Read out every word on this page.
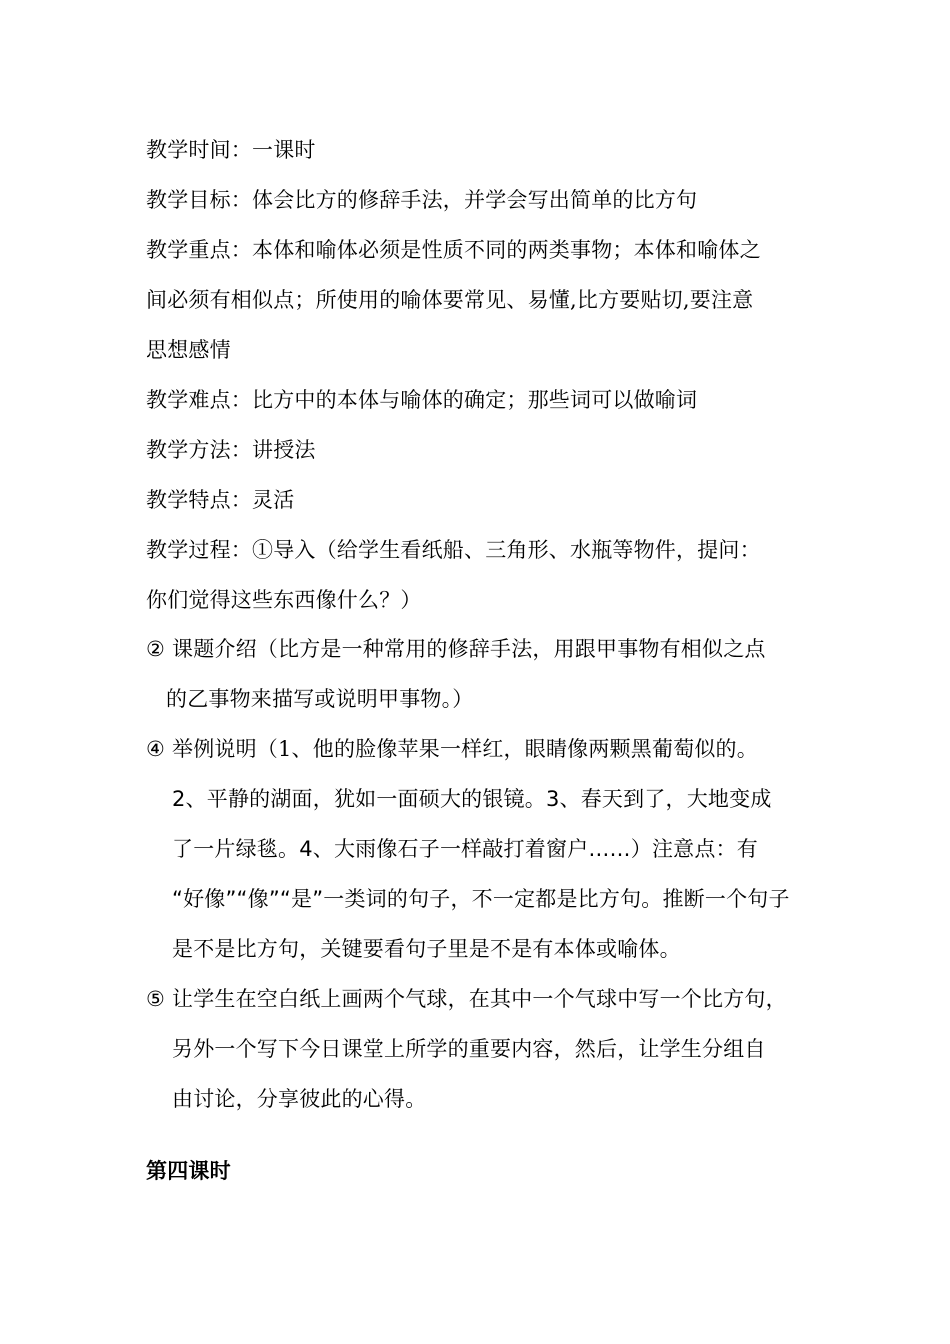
教学时间：一课时
教学目标：体会比方的修辞手法，并学会写出简单的比方句
教学重点：本体和喻体必须是性质不同的两类事物；本体和喻体之
间必须有相似点；所使用的喻体要常见、易懂,比方要贴切,要注意
思想感情
教学难点：比方中的本体与喻体的确定；那些词可以做喻词
教学方法：讲授法
教学特点：灵活
教学过程：①导入（给学生看纸船、三角形、水瓶等物件，提问：
你们觉得这些东西像什么？）
② 课题介绍（比方是一种常用的修辞手法，用跟甲事物有相似之点
的乙事物来描写或说明甲事物。）
④ 举例说明（1、他的脸像苹果一样红，眼睛像两颗黑葡萄似的。
2、平静的湖面，犹如一面硕大的银镜。3、春天到了，大地变成
了一片绿毯。4、大雨像石子一样敲打着窗户……）注意点：有
“好像”“像”“是”一类词的句子，不一定都是比方句。推断一个句子
是不是比方句，关键要看句子里是不是有本体或喻体。
⑤ 让学生在空白纸上画两个气球，在其中一个气球中写一个比方句，
另外一个写下今日课堂上所学的重要内容，然后，让学生分组自
由讨论，分享彼此的心得。
第四课时
